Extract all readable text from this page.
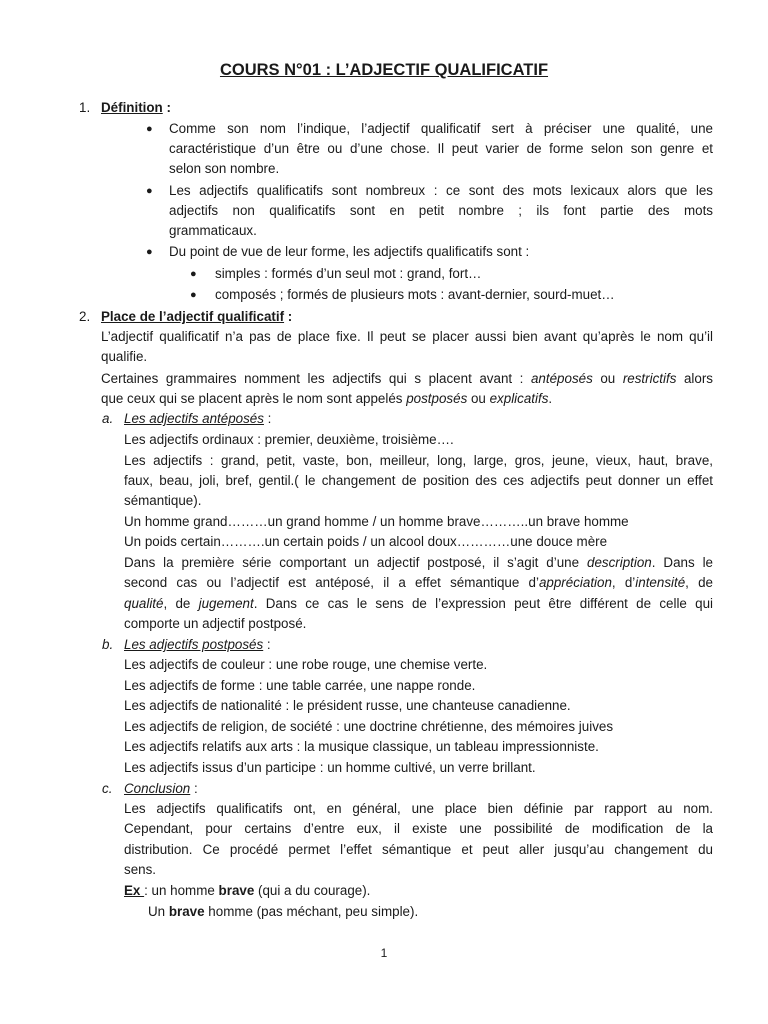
COURS N°01 : L’ADJECTIF QUALIFICATIF
1. Définition :
● Comme son nom l’indique, l’adjectif qualificatif sert à préciser une qualité, une
caractéristique d’un être ou d’une chose. Il peut varier de forme selon son genre et
selon son nombre.
● Les adjectifs qualificatifs sont nombreux : ce sont des mots lexicaux alors que les
adjectifs non qualificatifs sont en petit nombre ; ils font partie des mots
grammaticaux.
● Du point de vue de leur forme, les adjectifs qualificatifs sont :
● simples : formés d’un seul mot : grand, fort…
● composés ; formés de plusieurs mots : avant-dernier, sourd-muet…
2. Place de l’adjectif qualificatif :
L’adjectif qualificatif n’a pas de place fixe. Il peut se placer aussi bien avant qu’après le nom qu’il
qualifie.
Certaines grammaires nomment les adjectifs qui s placent avant : antéposés ou restrictifs alors
que ceux qui se placent après le nom sont appelés postposés ou explicatifs.
a. Les adjectifs antéposés :
Les adjectifs ordinaux : premier, deuxième, troisième….
Les adjectifs : grand, petit, vaste, bon, meilleur, long, large, gros, jeune, vieux, haut, brave,
faux, beau, joli, bref, gentil.( le changement de position des ces adjectifs peut donner un effet
sémantique).
Un homme grand………un grand homme / un homme brave………..un brave homme
Un poids certain……….un certain poids / un alcool doux…………une douce mère
Dans la première série comportant un adjectif postposé, il s’agit d’une description. Dans le
second cas ou l’adjectif est antéposé, il a effet sémantique d’appréciation, d’intensité, de
qualité, de jugement. Dans ce cas le sens de l’expression peut être différent de celle qui
comporte un adjectif postposé.
b. Les adjectifs postposés :
Les adjectifs de couleur : une robe rouge, une chemise verte.
Les adjectifs de forme : une table carrée, une nappe ronde.
Les adjectifs de nationalité : le président russe, une chanteuse canadienne.
Les adjectifs de religion, de société : une doctrine chrétienne, des mémoires juives
Les adjectifs relatifs aux arts : la musique classique, un tableau impressionniste.
Les adjectifs issus d’un participe : un homme cultivé, un verre brillant.
c. Conclusion :
Les adjectifs qualificatifs ont, en général, une place bien définie par rapport au nom.
Cependant, pour certains d’entre eux, il existe une possibilité de modification de la
distribution. Ce procédé permet l’effet sémantique et peut aller jusqu’au changement du
sens.
Ex : un homme brave (qui a du courage).
Un brave homme (pas méchant, peu simple).
1
